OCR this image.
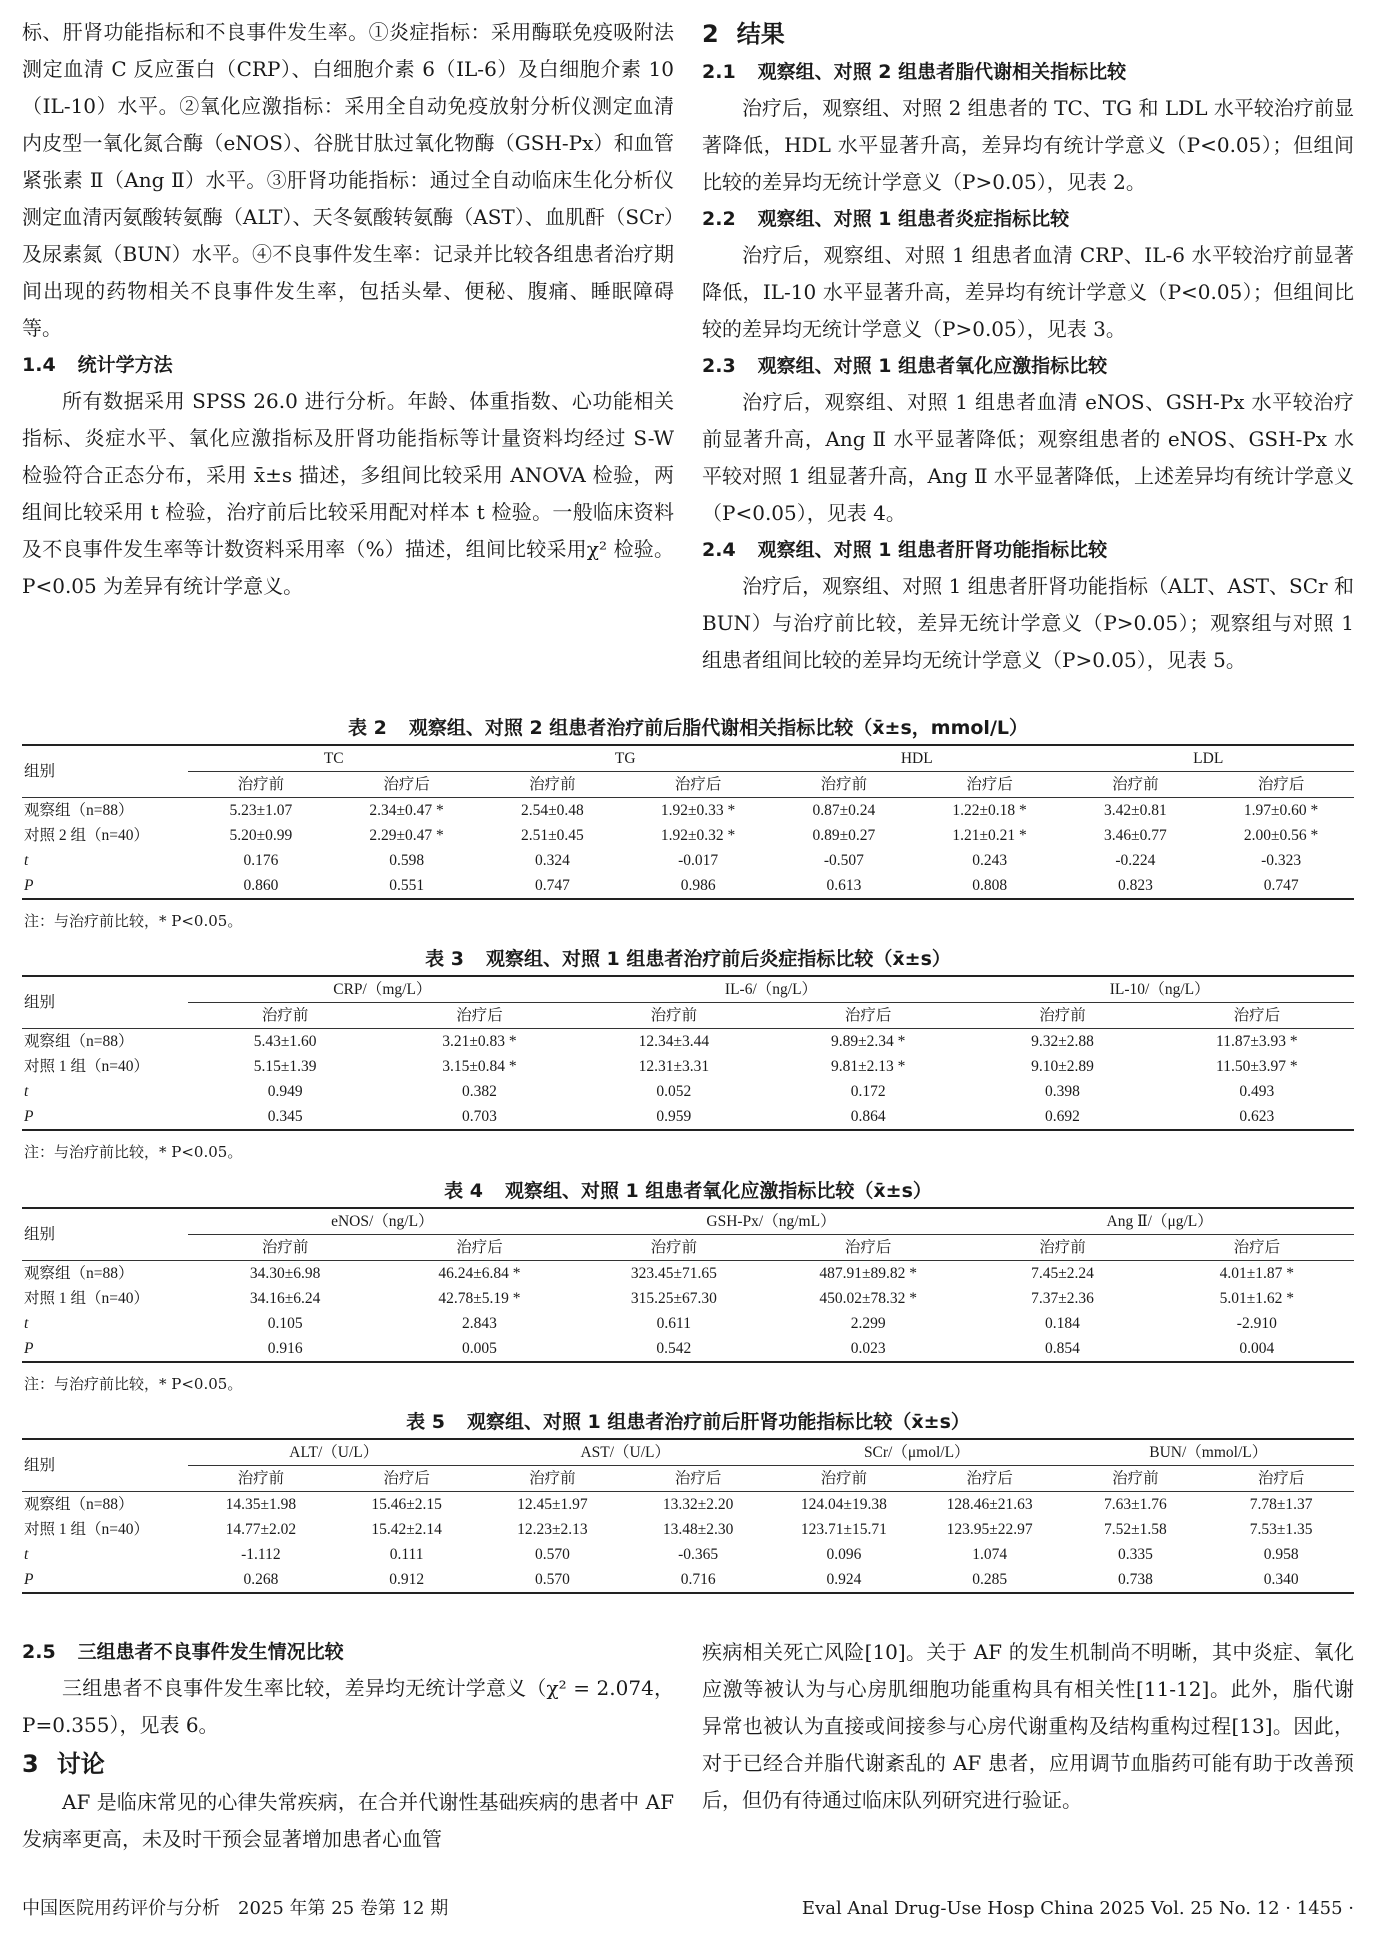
标、肝肾功能指标和不良事件发生率。①炎症指标：采用酶联免疫吸附法测定血清 C 反应蛋白（CRP）、白细胞介素 6（IL-6）及白细胞介素 10（IL-10）水平。②氧化应激指标：采用全自动免疫放射分析仪测定血清内皮型一氧化氮合酶（eNOS）、谷胱甘肽过氧化物酶（GSH-Px）和血管紧张素 Ⅱ（Ang Ⅱ）水平。③肝肾功能指标：通过全自动临床生化分析仪测定血清丙氨酸转氨酶（ALT）、天冬氨酸转氨酶（AST）、血肌酐（SCr）及尿素氮（BUN）水平。④不良事件发生率：记录并比较各组患者治疗期间出现的药物相关不良事件发生率，包括头晕、便秘、腹痛、睡眠障碍等。

1.4 统计学方法

所有数据采用 SPSS 26.0 进行分析。年龄、体重指数、心功能相关指标、炎症水平、氧化应激指标及肝肾功能指标等计量资料均经过 S-W 检验符合正态分布，采用 x̄±s 描述，多组间比较采用 ANOVA 检验，两组间比较采用 t 检验，治疗前后比较采用配对样本 t 检验。一般临床资料及不良事件发生率等计数资料采用率（%）描述，组间比较采用χ² 检验。P<0.05 为差异有统计学意义。

2 结果
2.1 观察组、对照 2 组患者脂代谢相关指标比较

治疗后，观察组、对照 2 组患者的 TC、TG 和 LDL 水平较治疗前显著降低，HDL 水平显著升高，差异均有统计学意义（P<0.05）；但组间比较的差异均无统计学意义（P>0.05），见表 2。

2.2 观察组、对照 1 组患者炎症指标比较

治疗后，观察组、对照 1 组患者血清 CRP、IL-6 水平较治疗前显著降低，IL-10 水平显著升高，差异均有统计学意义（P<0.05）；但组间比较的差异均无统计学意义（P>0.05），见表 3。

2.3 观察组、对照 1 组患者氧化应激指标比较

治疗后，观察组、对照 1 组患者血清 eNOS、GSH-Px 水平较治疗前显著升高，Ang Ⅱ 水平显著降低；观察组患者的 eNOS、GSH-Px 水平较对照 1 组显著升高，Ang Ⅱ 水平显著降低，上述差异均有统计学意义（P<0.05），见表 4。

2.4 观察组、对照 1 组患者肝肾功能指标比较

治疗后，观察组、对照 1 组患者肝肾功能指标（ALT、AST、SCr 和 BUN）与治疗前比较，差异无统计学意义（P>0.05）；观察组与对照 1 组患者组间比较的差异均无统计学意义（P>0.05），见表 5。

表 2 观察组、对照 2 组患者治疗前后脂代谢相关指标比较（x̄±s，mmol/L）
组别	TC		TG		HDL		LDL	
	治疗前	治疗后	治疗前	治疗后	治疗前	治疗后	治疗前	治疗后
观察组（n=88）	5.23±1.07	2.34±0.47 *	2.54±0.48	1.92±0.33 *	0.87±0.24	1.22±0.18 *	3.42±0.81	1.97±0.60 *
对照 2 组（n=40）	5.20±0.99	2.29±0.47 *	2.51±0.45	1.92±0.32 *	0.89±0.27	1.21±0.21 *	3.46±0.77	2.00±0.56 *
t	0.176	0.598	0.324	-0.017	-0.507	0.243	-0.224	-0.323
P	0.860	0.551	0.747	0.986	0.613	0.808	0.823	0.747
注：与治疗前比较，* P<0.05。
表 3 观察组、对照 1 组患者治疗前后炎症指标比较（x̄±s）
组别	CRP/（mg/L）		IL-6/（ng/L）		IL-10/（ng/L）	
	治疗前	治疗后	治疗前	治疗后	治疗前	治疗后
观察组（n=88）	5.43±1.60	3.21±0.83 *	12.34±3.44	9.89±2.34 *	9.32±2.88	11.87±3.93 *
对照 1 组（n=40）	5.15±1.39	3.15±0.84 *	12.31±3.31	9.81±2.13 *	9.10±2.89	11.50±3.97 *
t	0.949	0.382	0.052	0.172	0.398	0.493
P	0.345	0.703	0.959	0.864	0.692	0.623
注：与治疗前比较，* P<0.05。
表 4 观察组、对照 1 组患者氧化应激指标比较（x̄±s）
组别	eNOS/（ng/L）		GSH-Px/（ng/mL）		Ang Ⅱ/（μg/L）	
	治疗前	治疗后	治疗前	治疗后	治疗前	治疗后
观察组（n=88）	34.30±6.98	46.24±6.84 *	323.45±71.65	487.91±89.82 *	7.45±2.24	4.01±1.87 *
对照 1 组（n=40）	34.16±6.24	42.78±5.19 *	315.25±67.30	450.02±78.32 *	7.37±2.36	5.01±1.62 *
t	0.105	2.843	0.611	2.299	0.184	-2.910
P	0.916	0.005	0.542	0.023	0.854	0.004
注：与治疗前比较，* P<0.05。
表 5 观察组、对照 1 组患者治疗前后肝肾功能指标比较（x̄±s）
组别	ALT/（U/L）		AST/（U/L）		SCr/（μmol/L）		BUN/（mmol/L）	
	治疗前	治疗后	治疗前	治疗后	治疗前	治疗后	治疗前	治疗后
观察组（n=88）	14.35±1.98	15.46±2.15	12.45±1.97	13.32±2.20	124.04±19.38	128.46±21.63	7.63±1.76	7.78±1.37
对照 1 组（n=40）	14.77±2.02	15.42±2.14	12.23±2.13	13.48±2.30	123.71±15.71	123.95±22.97	7.52±1.58	7.53±1.35
t	-1.112	0.111	0.570	-0.365	0.096	1.074	0.335	0.958
P	0.268	0.912	0.570	0.716	0.924	0.285	0.738	0.340
2.5 三组患者不良事件发生情况比较

三组患者不良事件发生率比较，差异均无统计学意义（χ² = 2.074，P=0.355），见表 6。

3 讨论

AF 是临床常见的心律失常疾病，在合并代谢性基础疾病的患者中 AF 发病率更高，未及时干预会显著增加患者心血管

疾病相关死亡风险[10]。关于 AF 的发生机制尚不明晰，其中炎症、氧化应激等被认为与心房肌细胞功能重构具有相关性[11-12]。此外，脂代谢异常也被认为直接或间接参与心房代谢重构及结构重构过程[13]。因此，对于已经合并脂代谢紊乱的 AF 患者，应用调节血脂药可能有助于改善预后，但仍有待通过临床队列研究进行验证。

中国医院用药评价与分析　2025 年第 25 卷第 12 期	Eval Anal Drug-Use Hosp China 2025 Vol. 25 No. 12 · 1455 ·
